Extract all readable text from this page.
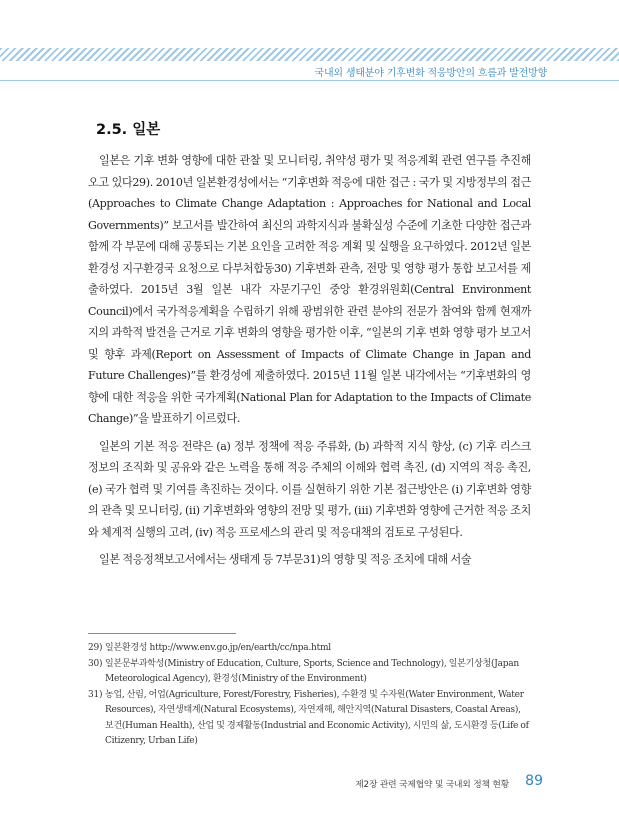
국내외 생태분야 기후변화 적응방안의 흐름과 발전방향
2.5. 일본

일본은 기후 변화 영향에 대한 관찰 및 모니터링, 취약성 평가 및 적응계획 관련 연구를 추진해오고 있다29). 2010년 일본환경성에서는 “기후변화 적응에 대한 접근 : 국가 및 지방정부의 접근(Approaches to Climate Change Adaptation : Approaches for National and Local Governments)” 보고서를 발간하여 최신의 과학지식과 불확실성 수준에 기초한 다양한 접근과 함께 각 부문에 대해 공통되는 기본 요인을 고려한 적응 계획 및 실행을 요구하였다. 2012년 일본환경성 지구환경국 요청으로 다부처합동30) 기후변화 관측, 전망 및 영향 평가 통합 보고서를 제출하였다. 2015년 3월 일본 내각 자문기구인 중앙 환경위원회(Central Environment Council)에서 국가적응계획을 수립하기 위해 광범위한 관련 분야의 전문가 참여와 함께 현재까지의 과학적 발견을 근거로 기후 변화의 영향을 평가한 이후, “일본의 기후 변화 영향 평가 보고서 및 향후 과제(Report on Assessment of Impacts of Climate Change in Japan and Future Challenges)”를 환경성에 제출하였다. 2015년 11월 일본 내각에서는 “기후변화의 영향에 대한 적응을 위한 국가계획(National Plan for Adaptation to the Impacts of Climate Change)”을 발표하기 이르렀다.

일본의 기본 적응 전략은 (a) 정부 정책에 적응 주류화, (b) 과학적 지식 향상, (c) 기후 리스크 정보의 조직화 및 공유와 같은 노력을 통해 적응 주체의 이해와 협력 촉진, (d) 지역의 적응 촉진, (e) 국가 협력 및 기여를 촉진하는 것이다. 이를 실현하기 위한 기본 접근방안은 (ⅰ) 기후변화 영향의 관측 및 모니터링, (ⅱ) 기후변화와 영향의 전망 및 평가, (ⅲ) 기후변화 영향에 근거한 적응 조치와 체계적 실행의 고려, (ⅳ) 적응 프로세스의 관리 및 적응대책의 검토로 구성된다.

일본 적응정책보고서에서는 생태계 등 7부문31)의 영향 및 적응 조치에 대해 서술

29) 일본환경성 http://www.env.go.jp/en/earth/cc/npa.html
30) 일본문부과학성(Ministry of Education, Culture, Sports, Science and Technology), 일본기상청(Japan Meteorological Agency), 환경성(Ministry of the Environment)
31) 농업, 산림, 어업(Agriculture, Forest/Forestry, Fisheries), 수환경 및 수자원(Water Environment, Water Resources), 자연생태계(Natural Ecosystems), 자연재해, 해안지역(Natural Disasters, Coastal Areas), 보건(Human Health), 산업 및 경제활동(Industrial and Economic Activity), 시민의 삶, 도시환경 등(Life of Citizenry, Urban Life)
제2장 관련 국제협약 및 국내외 정책 현황 89
